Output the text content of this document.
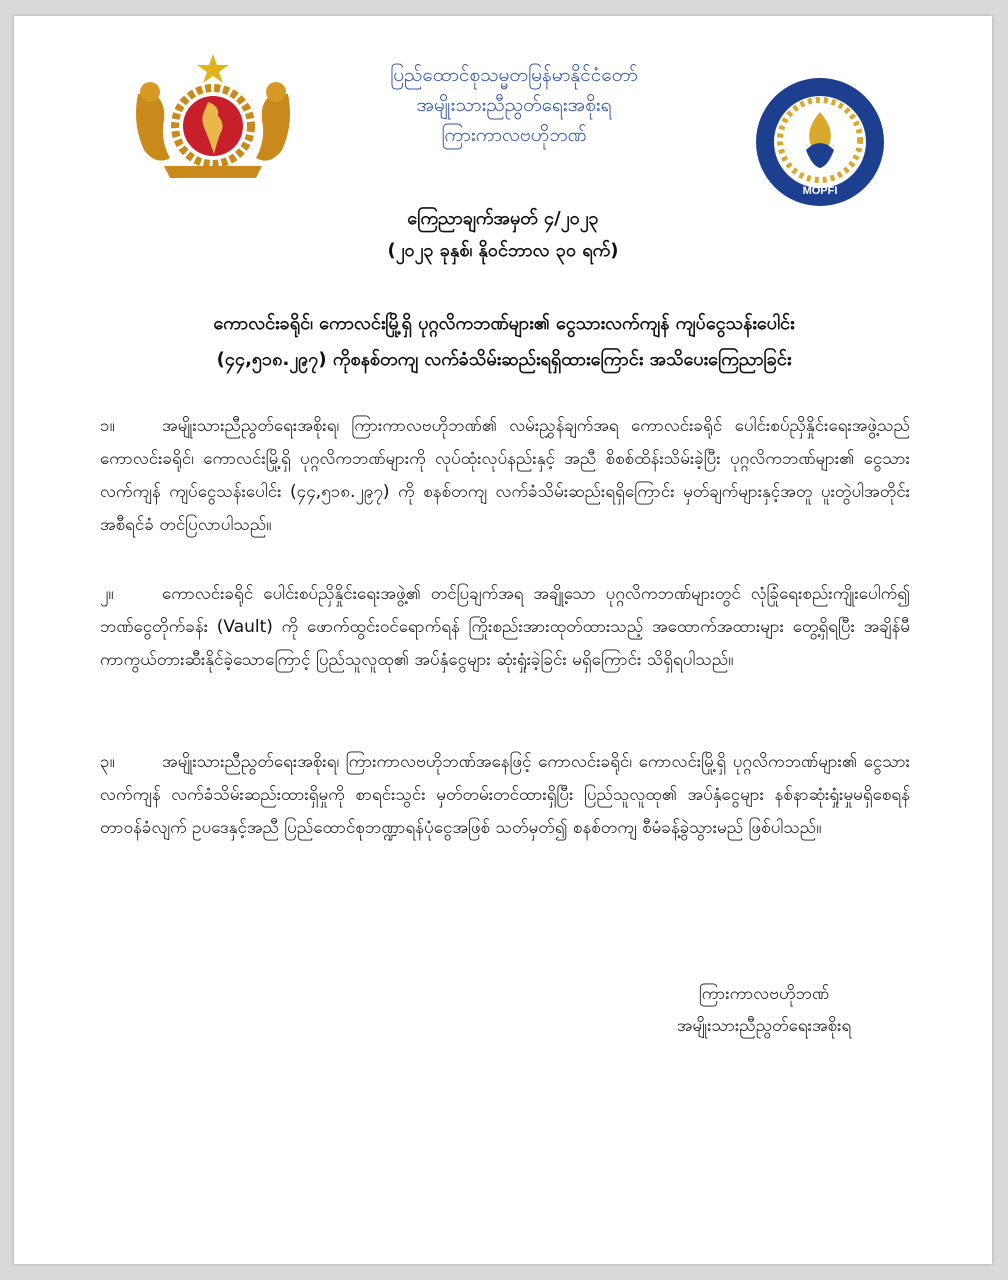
ပြည်ထောင်စုသမ္မတမြန်မာနိုင်ငံတော်
အမျိုးသားညီညွတ်ရေးအစိုးရ
ကြားကာလဗဟိုဘဏ်
MOPFI
ကြေညာချက်အမှတ် ၄/၂၀၂၃
(၂၀၂၃ ခုနှစ်၊ နိုဝင်ဘာလ ၃၀ ရက်)
ကောလင်းခရိုင်၊ ကောလင်းမြို့ရှိ ပုဂ္ဂလိကဘဏ်များ၏ ငွေသားလက်ကျန် ကျပ်ငွေသန်းပေါင်း
(၄၄,၅၁၈.၂၉၇) ကိုစနစ်တကျ လက်ခံသိမ်းဆည်းရရှိထားကြောင်း အသိပေးကြေညာခြင်း
၁။	အမျိုးသားညီညွတ်ရေးအစိုးရ၊ ကြားကာလဗဟိုဘဏ်၏ လမ်းညွှန်ချက်အရ ကောလင်းခရိုင် ပေါင်းစပ်ညှိနှိုင်းရေးအဖွဲ့သည် ကောလင်းခရိုင်၊ ကောလင်းမြို့ရှိ ပုဂ္ဂလိကဘဏ်များကို လုပ်ထုံးလုပ်နည်းနှင့် အညီ စိစစ်ထိန်းသိမ်းခဲ့ပြီး ပုဂ္ဂလိကဘဏ်များ၏ ငွေသားလက်ကျန် ကျပ်ငွေသန်းပေါင်း (၄၄,၅၁၈.၂၉၇) ကို စနစ်တကျ လက်ခံသိမ်းဆည်းရရှိကြောင်း မှတ်ချက်များနှင့်အတူ ပူးတွဲပါအတိုင်း အစီရင်ခံ တင်ပြလာပါသည်။
၂။	ကောလင်းခရိုင် ပေါင်းစပ်ညှိနှိုင်းရေးအဖွဲ့၏ တင်ပြချက်အရ အချို့သော ပုဂ္ဂလိကဘဏ်များတွင် လုံခြုံရေးစည်းကျိုးပေါက်၍ ဘဏ်ငွေတိုက်ခန်း (Vault) ကို ဖောက်ထွင်းဝင်ရောက်ရန် ကြိုးစည်းအားထုတ်ထားသည့် အထောက်အထားများ တွေ့ရှိရပြီး အချိန်မီကာကွယ်တားဆီးနိုင်ခဲ့သောကြောင့် ပြည်သူလူထု၏ အပ်နှံငွေများ ဆုံးရှုံးခဲ့ခြင်း မရှိကြောင်း သိရှိရပါသည်။
၃။	အမျိုးသားညီညွတ်ရေးအစိုးရ၊ ကြားကာလဗဟိုဘဏ်အနေဖြင့် ကောလင်းခရိုင်၊ ကောလင်းမြို့ရှိ ပုဂ္ဂလိကဘဏ်များ၏ ငွေသားလက်ကျန် လက်ခံသိမ်းဆည်းထားရှိမှုကို စာရင်းသွင်း မှတ်တမ်းတင်ထားရှိပြီး ပြည်သူလူထု၏ အပ်နှံငွေများ နစ်နာဆုံးရှုံးမှုမရှိစေရန် တာဝန်ခံလျက် ဥပဒေနှင့်အညီ ပြည်ထောင်စုဘဏ္ဍာရန်ပုံငွေအဖြစ် သတ်မှတ်၍ စနစ်တကျ စီမံခန့်ခွဲသွားမည် ဖြစ်ပါသည်။
ကြားကာလဗဟိုဘဏ်
အမျိုးသားညီညွတ်ရေးအစိုးရ
